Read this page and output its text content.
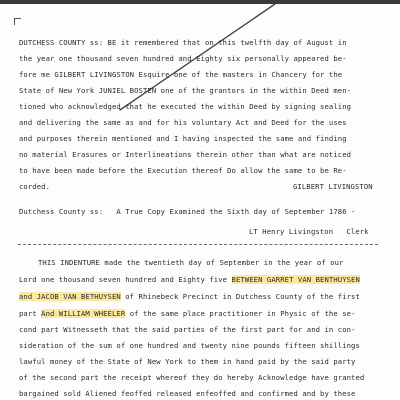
DUTCHESS COUNTY ss: BE it remembered that on this twelfth day of August in
the year one thousand seven hundred and Eighty six personally appeared be-
fore me GILBERT LIVINGSTON Esquire one of the masters in Chancery for the
State of New York JUNIEL BOSTEN one of the grantors in the within Deed men-
tioned who acknowledged that he executed the within Deed by signing sealing
and delivering the same as and for his voluntary Act and Deed for the uses
and purposes therein mentioned and I having inspected the same and finding
no material Erasures or Interlineations therein other than what are noticed
to have been made before the Execution thereof Do allow the same to be Re-
corded.	GILBERT LIVINGSTON
Dutchess County ss:   A True Copy Examined the Sixth day of September 1786 -
LT Henry Livingston   Clerk
THIS INDENTURE made the twentieth day of September in the year of our
Lord one thousand seven hundred and Eighty five BETWEEN GARRET VAN BENTHUYSEN
and JACOB VAN BETHUYSEN of Rhinebeck Precinct in Dutchess County of the first
part And WILLIAM WHEELER of the same place practitioner in Physic of the se-
cond part Witnesseth that the said parties of the first part for and in con-
sideration of the sum of one hundred and twenty nine pounds fifteen shillings
lawful money of the State of New York to them in hand paid by the said party
of the second part the receipt whereof they do hereby Acknowledge have granted
bargained sold Aliened feoffed released enfeoffed and confirmed and by these
